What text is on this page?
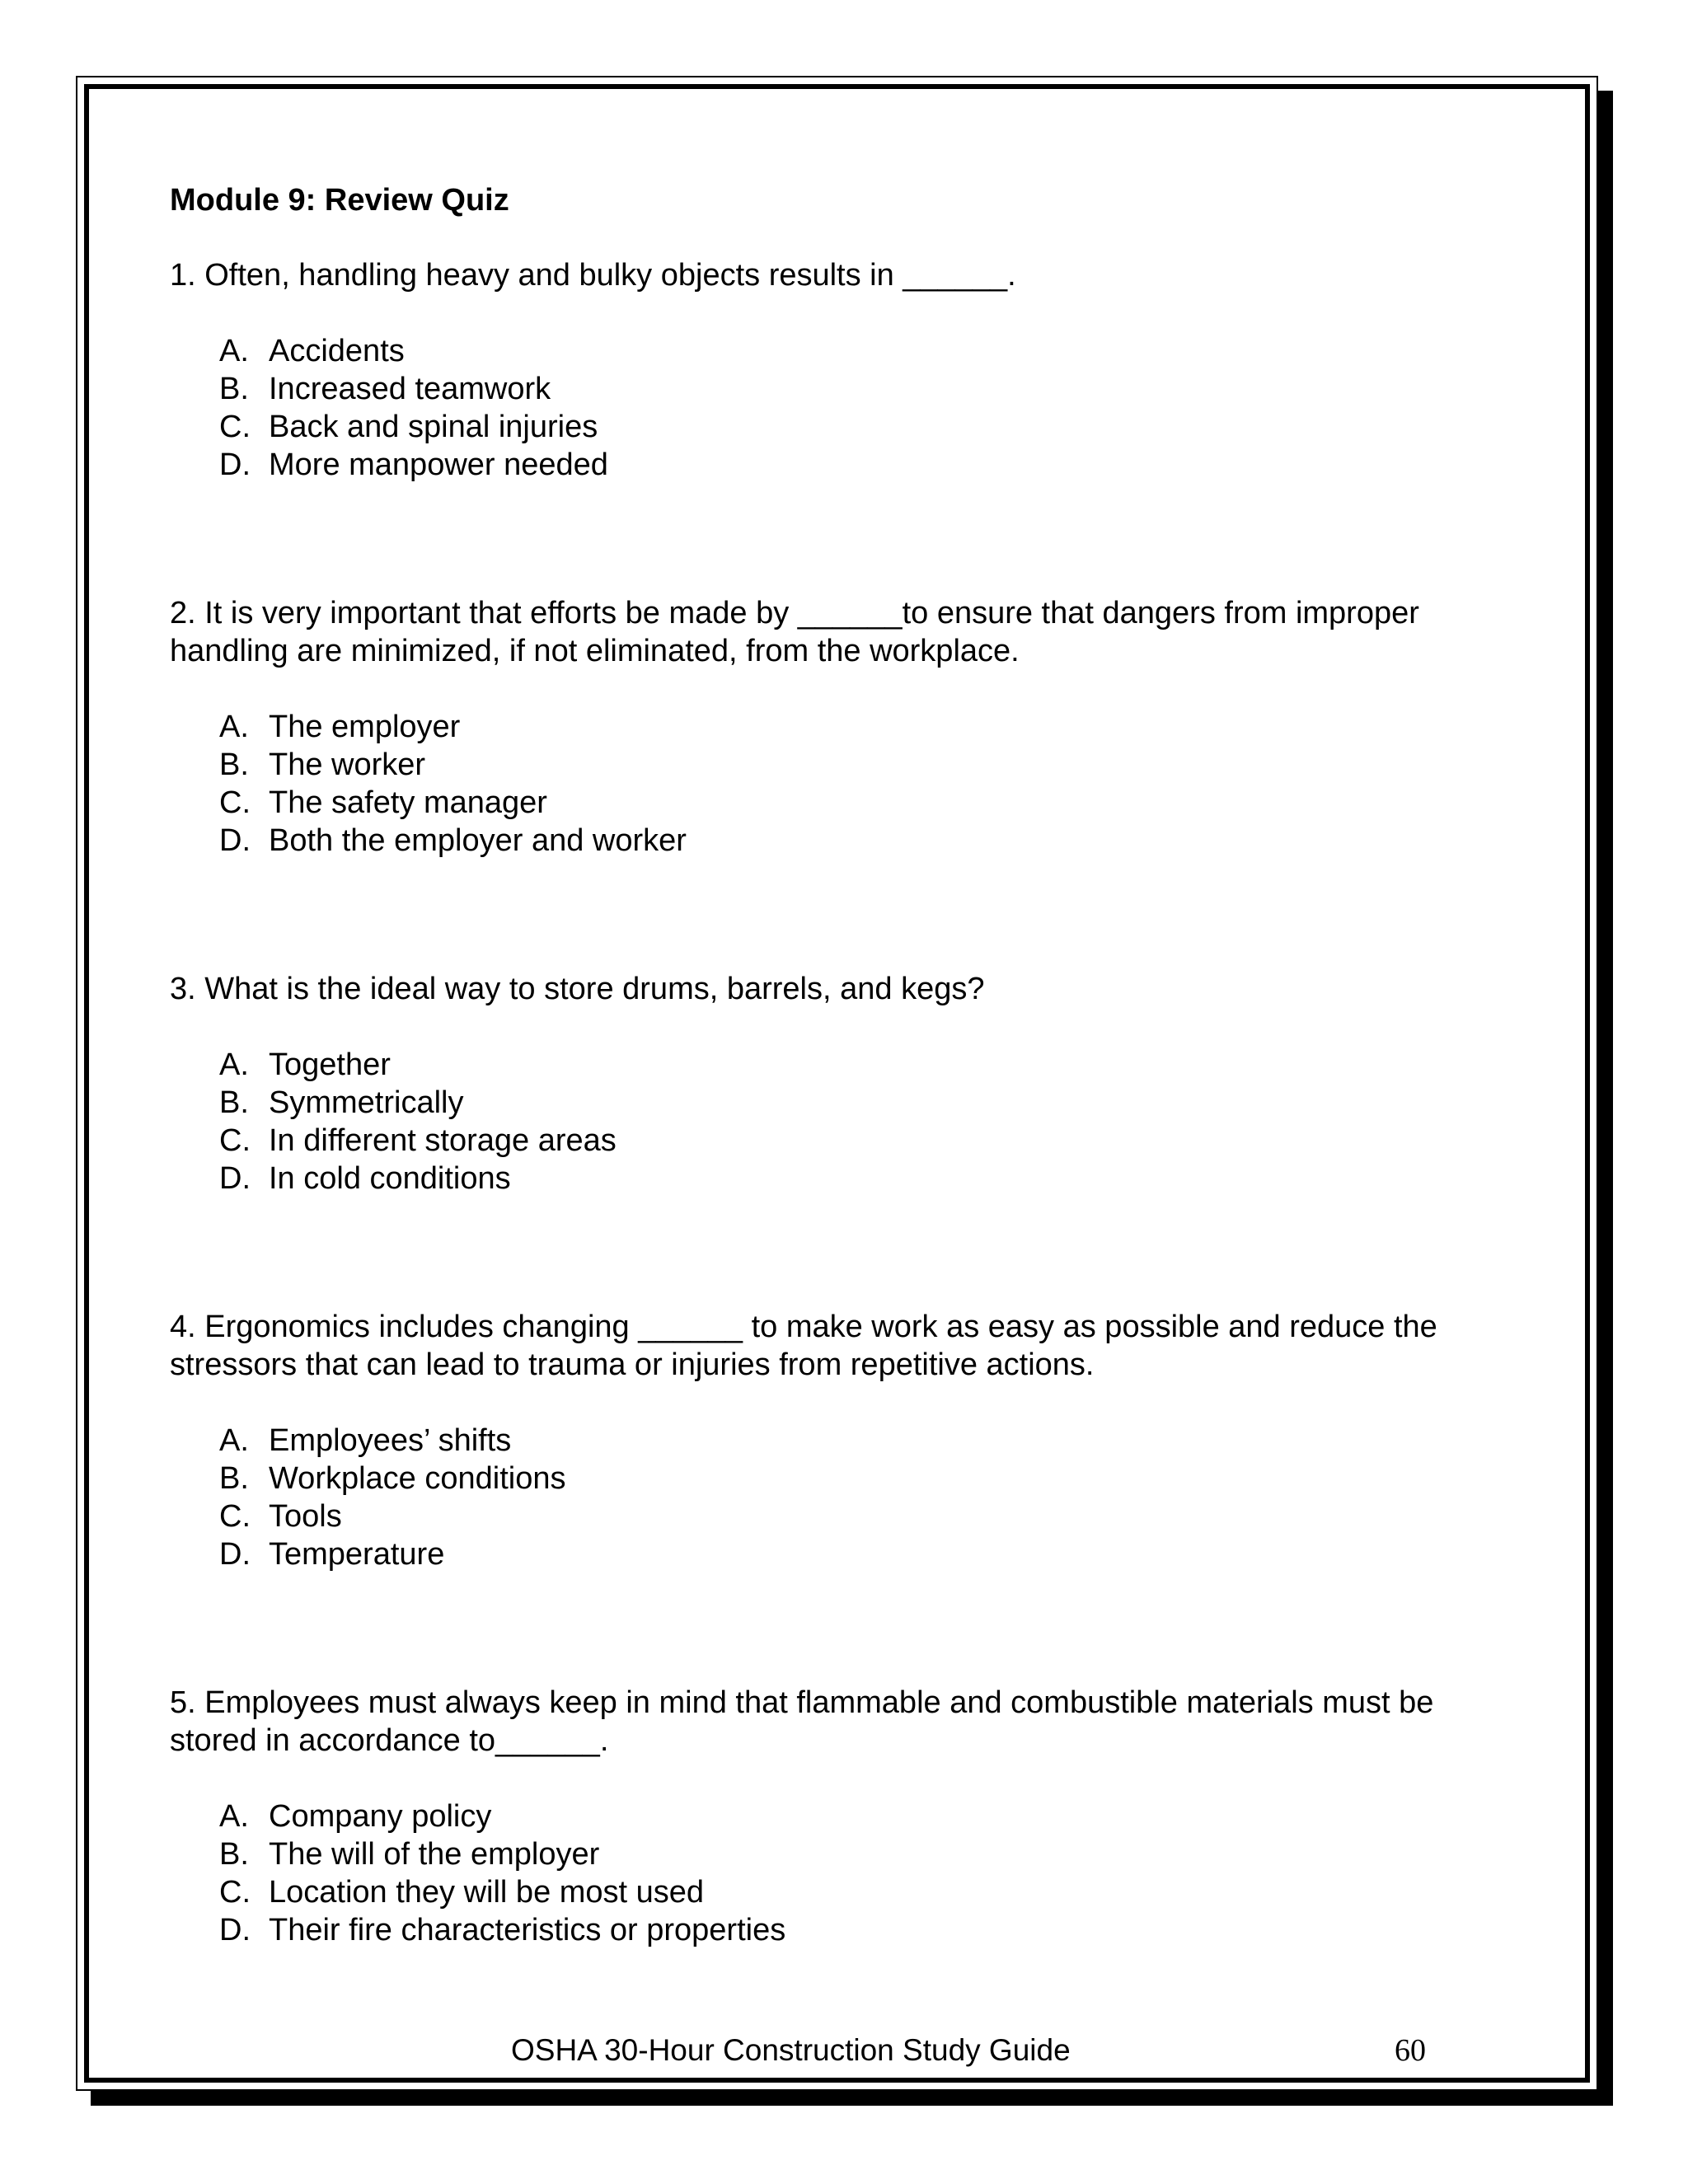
Module 9: Review Quiz

1. Often, handling heavy and bulky objects results in ______.

A. Accidents
B. Increased teamwork
C. Back and spinal injuries
D. More manpower needed

2. It is very important that efforts be made by ______to ensure that dangers from improper handling are minimized, if not eliminated, from the workplace.

A. The employer
B. The worker
C. The safety manager
D. Both the employer and worker

3. What is the ideal way to store drums, barrels, and kegs?

A. Together
B. Symmetrically
C. In different storage areas
D. In cold conditions

4. Ergonomics includes changing ______ to make work as easy as possible and reduce the stressors that can lead to trauma or injuries from repetitive actions.

A. Employees’ shifts
B. Workplace conditions
C. Tools
D. Temperature

5. Employees must always keep in mind that flammable and combustible materials must be stored in accordance to______.

A. Company policy
B. The will of the employer
C. Location they will be most used
D. Their fire characteristics or properties
OSHA 30-Hour Construction Study Guide	60
